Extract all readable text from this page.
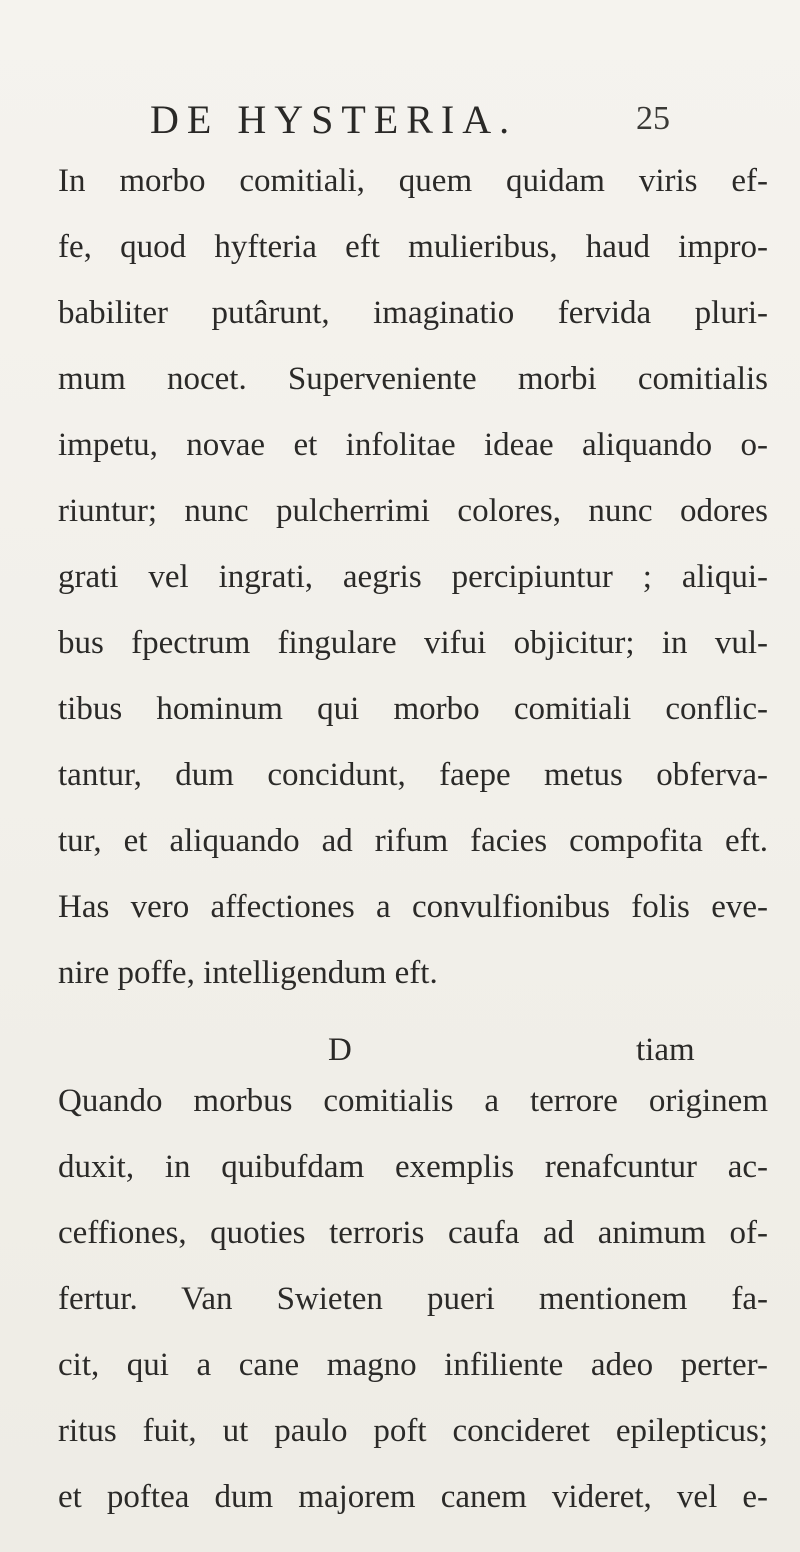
DE HYSTERIA.	25
In morbo comitiali, quem quidam viris ef-
fe, quod hyfteria eft mulieribus, haud impro-
babiliter putârunt, imaginatio fervida pluri-
mum nocet. Superveniente morbi comitialis
impetu, novae et infolitae ideae aliquando o-
riuntur; nunc pulcherrimi colores, nunc odores
grati vel ingrati, aegris percipiuntur ; aliqui-
bus fpectrum fingulare vifui objicitur; in vul-
tibus hominum qui morbo comitiali conflic-
tantur, dum concidunt, faepe metus obferva-
tur, et aliquando ad rifum facies compofita eft.
Has vero affectiones a convulfionibus folis eve-
nire poffe, intelligendum eft.
Quando morbus comitialis a terrore originem
duxit, in quibufdam exemplis renafcuntur ac-
ceffiones, quoties terroris caufa ad animum of-
fertur. Van Swieten pueri mentionem fa-
cit, qui a cane magno infiliente adeo perter-
ritus fuit, ut paulo poft concideret epilepticus;
et poftea dum majorem canem videret, vel e-
D	tiam
